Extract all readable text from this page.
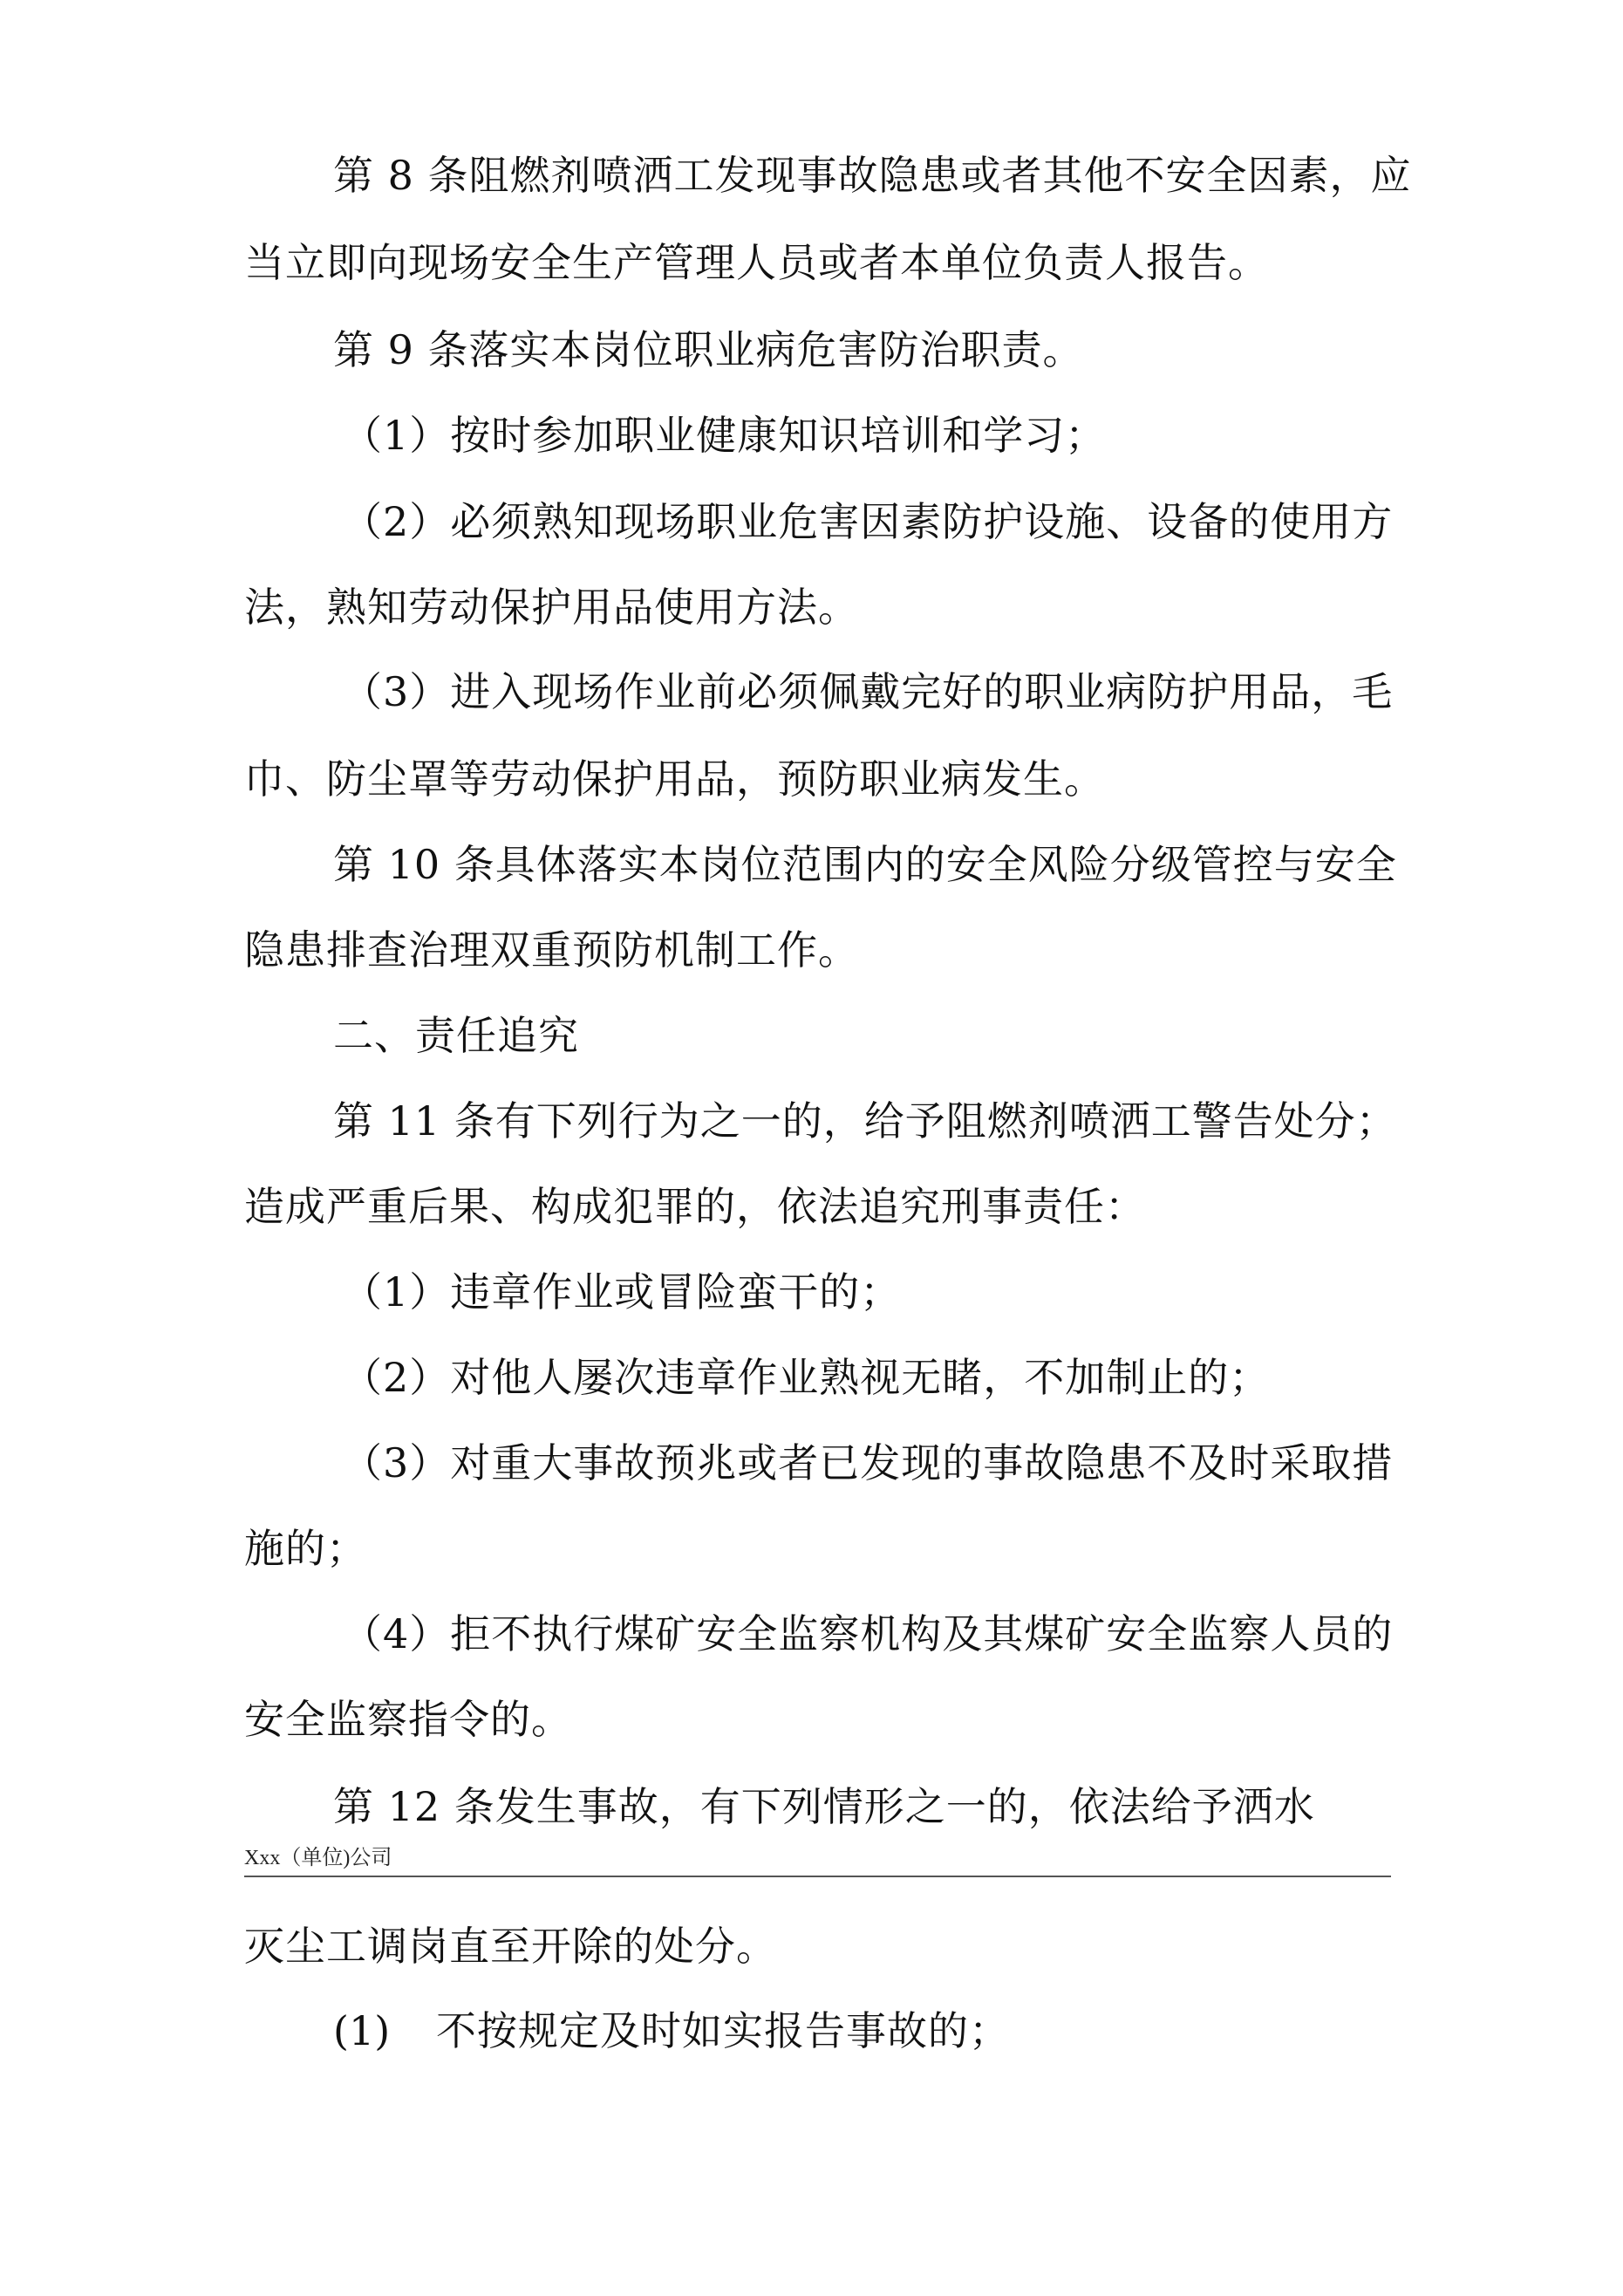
第 8 条阻燃剂喷洒工发现事故隐患或者其他不安全因素，应
当立即向现场安全生产管理人员或者本单位负责人报告。
第 9 条落实本岗位职业病危害防治职责。
（1）按时参加职业健康知识培训和学习；
（2）必须熟知现场职业危害因素防护设施、设备的使用方
法，熟知劳动保护用品使用方法。
（3）进入现场作业前必须佩戴完好的职业病防护用品，毛
巾、防尘罩等劳动保护用品，预防职业病发生。
第 10 条具体落实本岗位范围内的安全风险分级管控与安全
隐患排查治理双重预防机制工作。
二、责任追究
第 11 条有下列行为之一的，给予阻燃剂喷洒工警告处分；
造成严重后果、构成犯罪的，依法追究刑事责任：
（1）违章作业或冒险蛮干的；
（2）对他人屡次违章作业熟视无睹，不加制止的；
（3）对重大事故预兆或者已发现的事故隐患不及时采取措
施的；
（4）拒不执行煤矿安全监察机构及其煤矿安全监察人员的
安全监察指令的。
第 12 条发生事故，有下列情形之一的，依法给予洒水
Xxx（单位)公司
灭尘工调岗直至开除的处分。
(1) 不按规定及时如实报告事故的；
